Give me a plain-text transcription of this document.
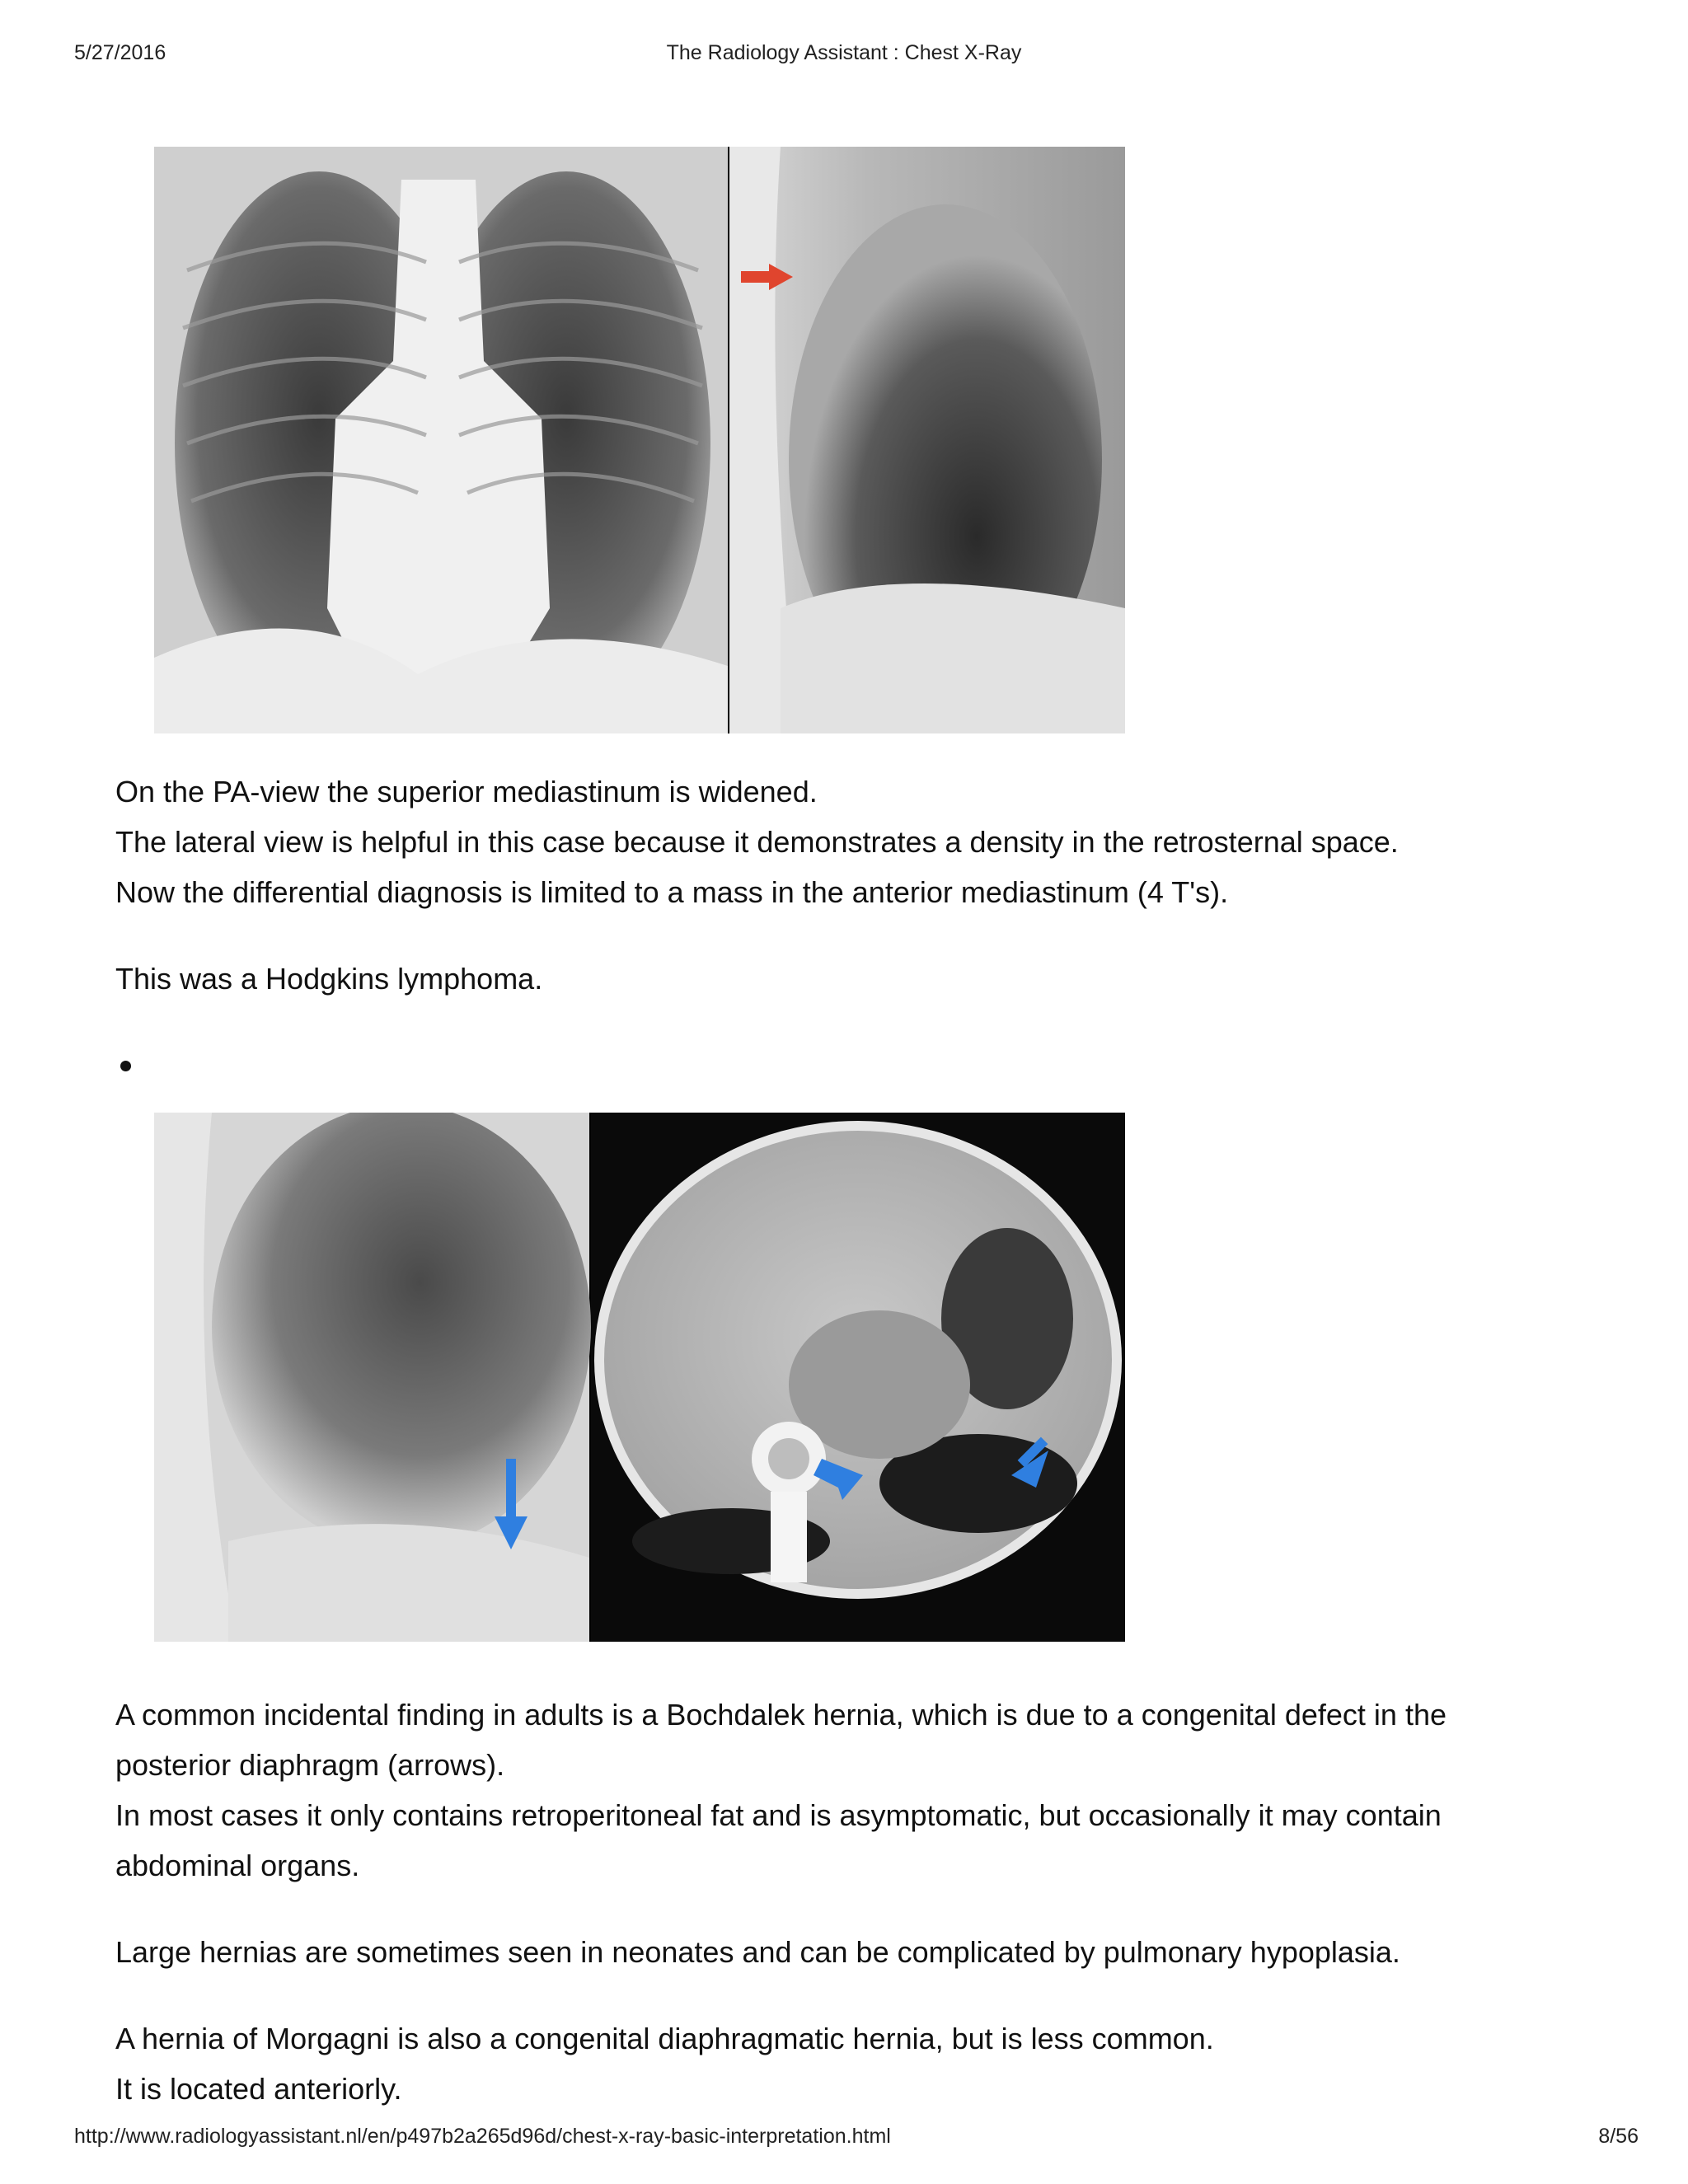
5/27/2016	The Radiology Assistant : Chest X-Ray

On the PA-view the superior mediastinum is widened.

The lateral view is helpful in this case because it demonstrates a density in the retrosternal space.

Now the differential diagnosis is limited to a mass in the anterior mediastinum (4 T's).

This was a Hodgkins lymphoma.

A common incidental finding in adults is a Bochdalek hernia, which is due to a congenital defect in the

posterior diaphragm (arrows).

In most cases it only contains retroperitoneal fat and is asymptomatic, but occasionally it may contain

abdominal organs.

Large hernias are sometimes seen in neonates and can be complicated by pulmonary hypoplasia.

A hernia of Morgagni is also a congenital diaphragmatic hernia, but is less common.

It is located anteriorly.

http://www.radiologyassistant.nl/en/p497b2a265d96d/chest-x-ray-basic-interpretation.html	8/56
